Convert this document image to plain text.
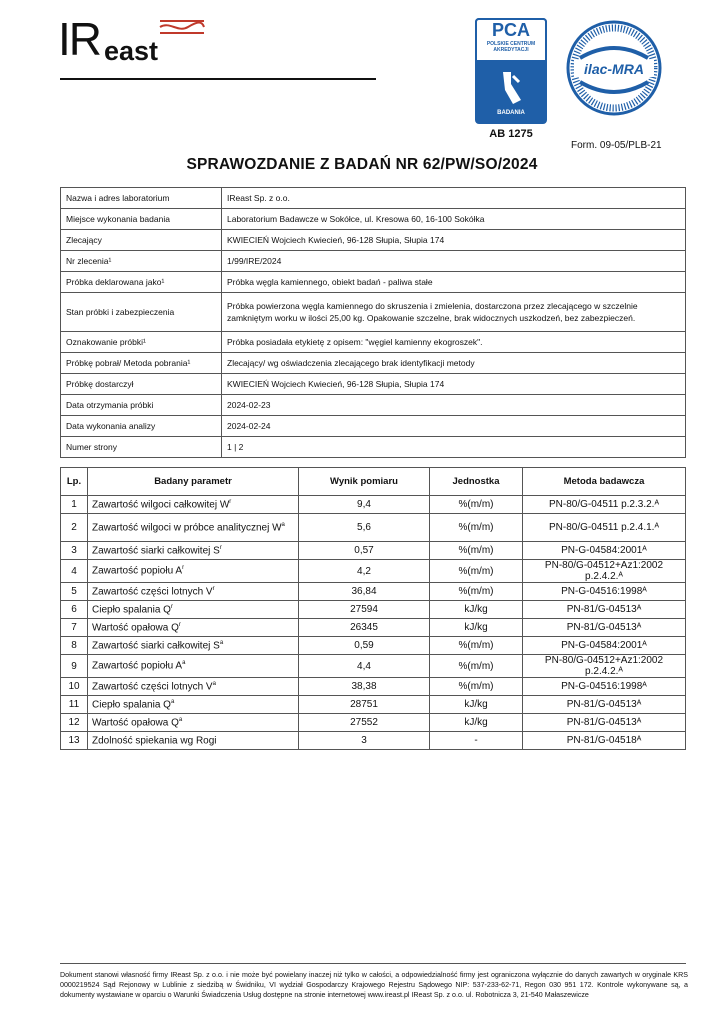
IR east
PCA
POLSKIE CENTRUM
AKREDYTACJI
BADANIA
AB 1275
ilac-MRA
Form. 09-05/PLB-21
SPRAWOZDANIE Z BADAŃ NR 62/PW/SO/2024
Nazwa i adres laboratorium	IReast Sp. z o.o.
Miejsce wykonania badania	Laboratorium Badawcze w Sokółce, ul. Kresowa 60, 16-100 Sokółka
Zlecający	KWIECIEŃ Wojciech Kwiecień, 96-128 Słupia, Słupia 174
Nr zlecenia¹	1/99/IRE/2024
Próbka deklarowana jako¹	Próbka węgla kamiennego, obiekt badań - paliwa stałe
Stan próbki i zabezpieczenia	Próbka powierzona węgla kamiennego do skruszenia i zmielenia, dostarczona przez zlecającego w szczelnie zamkniętym worku w ilości 25,00 kg. Opakowanie szczelne, brak widocznych uszkodzeń, bez zabezpieczeń.
Oznakowanie próbki¹	Próbka posiadała etykietę z opisem: "węgiel kamienny ekogroszek".
Próbkę pobrał/ Metoda pobrania¹	Zlecający/ wg oświadczenia zlecającego brak identyfikacji metody
Próbkę dostarczył	KWIECIEŃ Wojciech Kwiecień, 96-128 Słupia, Słupia 174
Data otrzymania próbki	2024-02-23
Data wykonania analizy	2024-02-24
Numer strony	1 | 2
Lp.	Badany parametr	Wynik pomiaru	Jednostka	Metoda badawcza
1	Zawartość wilgoci całkowitej $W^r$	9,4	%(m/m)	PN-80/G-04511 p.2.3.2.ᴬ
2	Zawartość wilgoci w próbce analitycznej $W^a$	5,6	%(m/m)	PN-80/G-04511 p.2.4.1.ᴬ
3	Zawartość siarki całkowitej $S^r$	0,57	%(m/m)	PN-G-04584:2001ᴬ
4	Zawartość popiołu $A^r$	4,2	%(m/m)	PN-80/G-04512+Az1:2002 p.2.4.2.ᴬ
5	Zawartość części lotnych $V^r$	36,84	%(m/m)	PN-G-04516:1998ᴬ
6	Ciepło spalania $Q^r$	27594	kJ/kg	PN-81/G-04513ᴬ
7	Wartość opałowa $Q^r$	26345	kJ/kg	PN-81/G-04513ᴬ
8	Zawartość siarki całkowitej $S^a$	0,59	%(m/m)	PN-G-04584:2001ᴬ
9	Zawartość popiołu $A^a$	4,4	%(m/m)	PN-80/G-04512+Az1:2002 p.2.4.2.ᴬ
10	Zawartość części lotnych $V^a$	38,38	%(m/m)	PN-G-04516:1998ᴬ
11	Ciepło spalania $Q^a$	28751	kJ/kg	PN-81/G-04513ᴬ
12	Wartość opałowa $Q^a$	27552	kJ/kg	PN-81/G-04513ᴬ
13	Zdolność spiekania wg Rogi	3	-	PN-81/G-04518ᴬ
Dokument stanowi własność firmy IReast Sp. z o.o. i nie może być powielany inaczej niż tylko w całości, a odpowiedzialność firmy jest ograniczona wyłącznie do danych zawartych w oryginale KRS 0000219524 Sąd Rejonowy w Lublinie z siedzibą w Świdniku, VI wydział Gospodarczy Krajowego Rejestru Sądowego NIP: 537-233-62-71, Regon 030 951 172. Kontrole wykonywane są, a dokumenty wystawiane w oparciu o Warunki Świadczenia Usług dostępne na stronie internetowej www.ireast.pl IReast Sp. z o.o. ul. Robotnicza 3, 21-540 Małaszewicze
